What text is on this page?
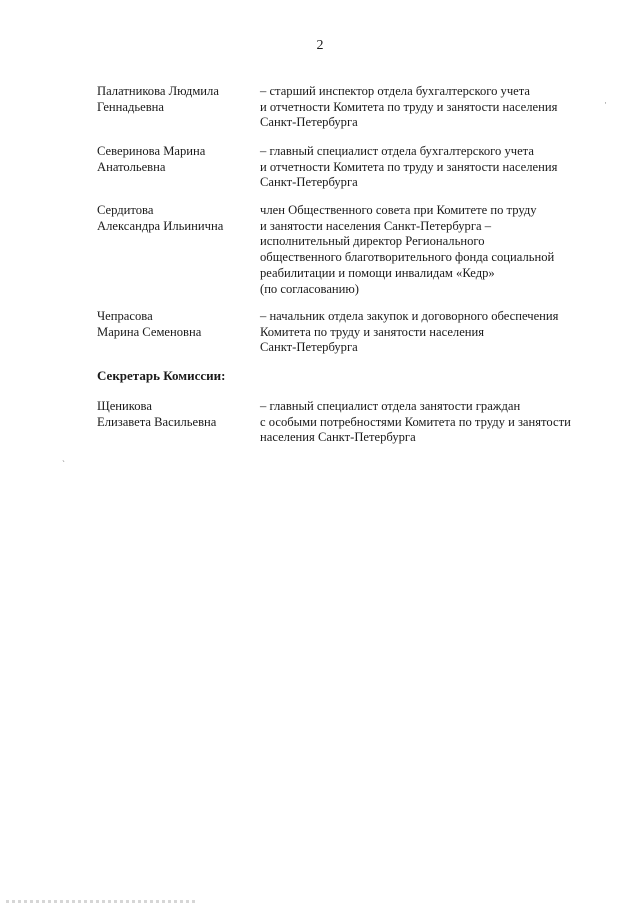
2
Палатникова Людмила
Геннадьевна
– старший инспектор отдела бухгалтерского учета
и отчетности Комитета по труду и занятости населения
Санкт-Петербурга
Северинова Марина
Анатольевна
– главный специалист отдела бухгалтерского учета
и отчетности Комитета по труду и занятости населения
Санкт-Петербурга
Сердитова
Александра Ильинична
член Общественного совета при Комитете по труду
и занятости населения Санкт-Петербурга –
исполнительный директор Регионального
общественного благотворительного фонда социальной
реабилитации и помощи инвалидам «Кедр»
(по согласованию)
Чепрасова
Марина Семеновна
– начальник отдела закупок и договорного обеспечения
Комитета по труду и занятости населения
Санкт-Петербурга
Секретарь Комиссии:
Щеникова
Елизавета Васильевна
– главный специалист отдела занятости граждан
с особыми потребностями Комитета по труду и занятости
населения Санкт-Петербурга
·
ˏ
